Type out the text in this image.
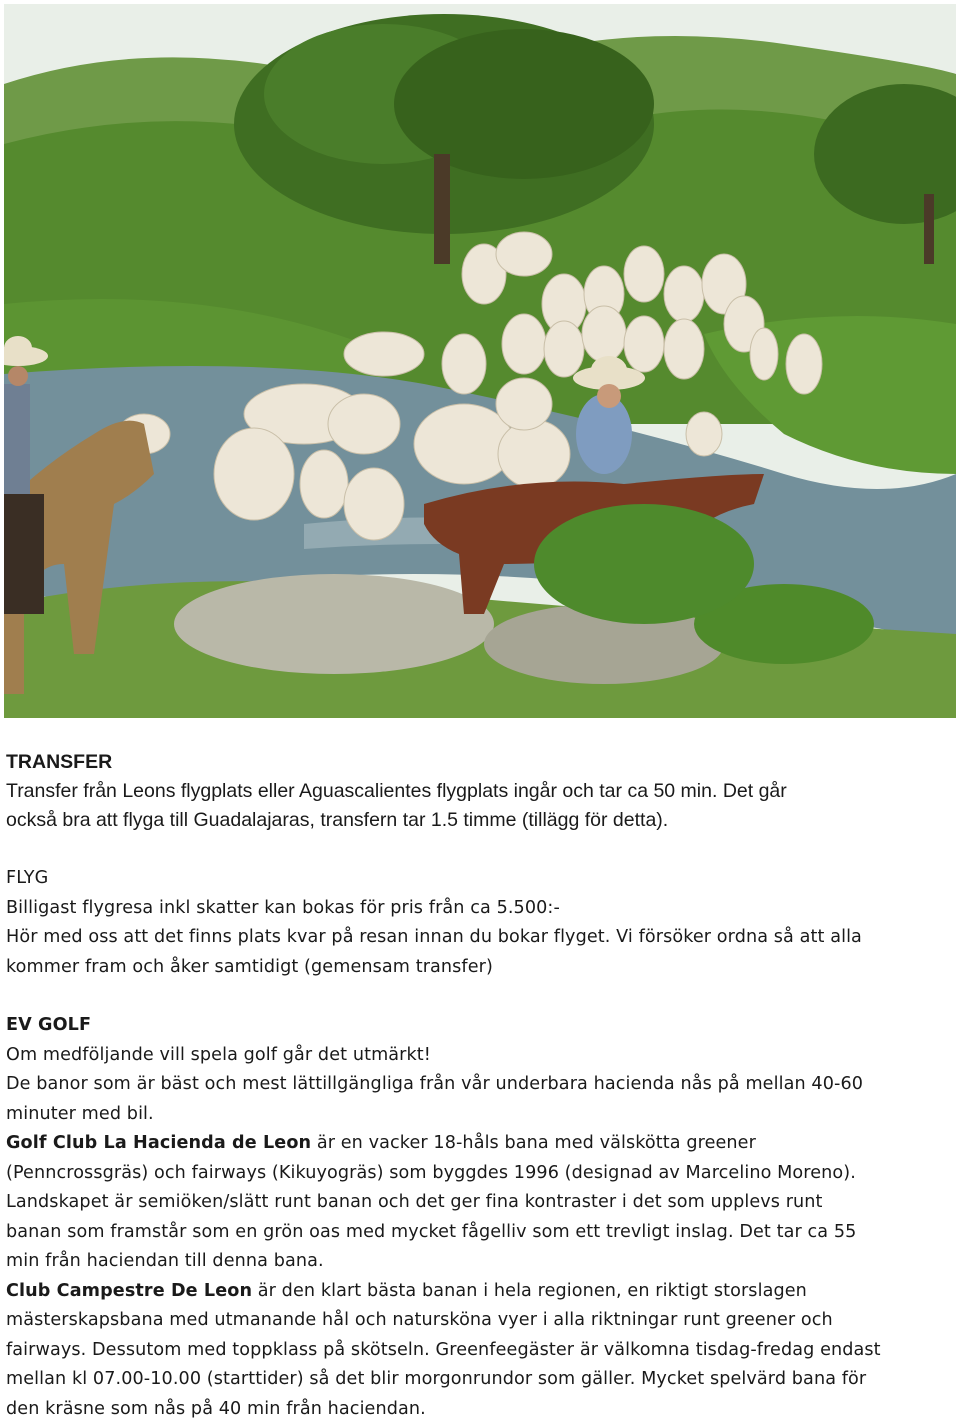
TRANSFER
Transfer från Leons flygplats eller Aguascalientes flygplats ingår och tar ca 50 min. Det går
också bra att flyga till Guadalajaras, transfern tar 1.5 timme (tillägg för detta).
FLYG
Billigast flygresa inkl skatter kan bokas för pris från ca 5.500:-
Hör med oss att det finns plats kvar på resan innan du bokar flyget. Vi försöker ordna så att alla
kommer fram och åker samtidigt (gemensam transfer)
EV GOLF
Om medföljande vill spela golf går det utmärkt!
De banor som är bäst och mest lättillgängliga från vår underbara hacienda nås på mellan 40-60
minuter med bil.
Golf Club La Hacienda de Leon är en vacker 18-håls bana med välskötta greener
(Penncrossgräs) och fairways (Kikuyogräs) som byggdes 1996 (designad av Marcelino Moreno).
Landskapet är semiöken/slätt runt banan och det ger fina kontraster i det som upplevs runt
banan som framstår som en grön oas med mycket fågelliv som ett trevligt inslag. Det tar ca 55
min från haciendan till denna bana.
Club Campestre De Leon är den klart bästa banan i hela regionen, en riktigt storslagen
mästerskapsbana med utmanande hål och natursköna vyer i alla riktningar runt greener och
fairways. Dessutom med toppklass på skötseln. Greenfeegäster är välkomna tisdag-fredag endast
mellan kl 07.00-10.00 (starttider) så det blir morgonrundor som gäller. Mycket spelvärd bana för
den kräsne som nås på 40 min från haciendan.
